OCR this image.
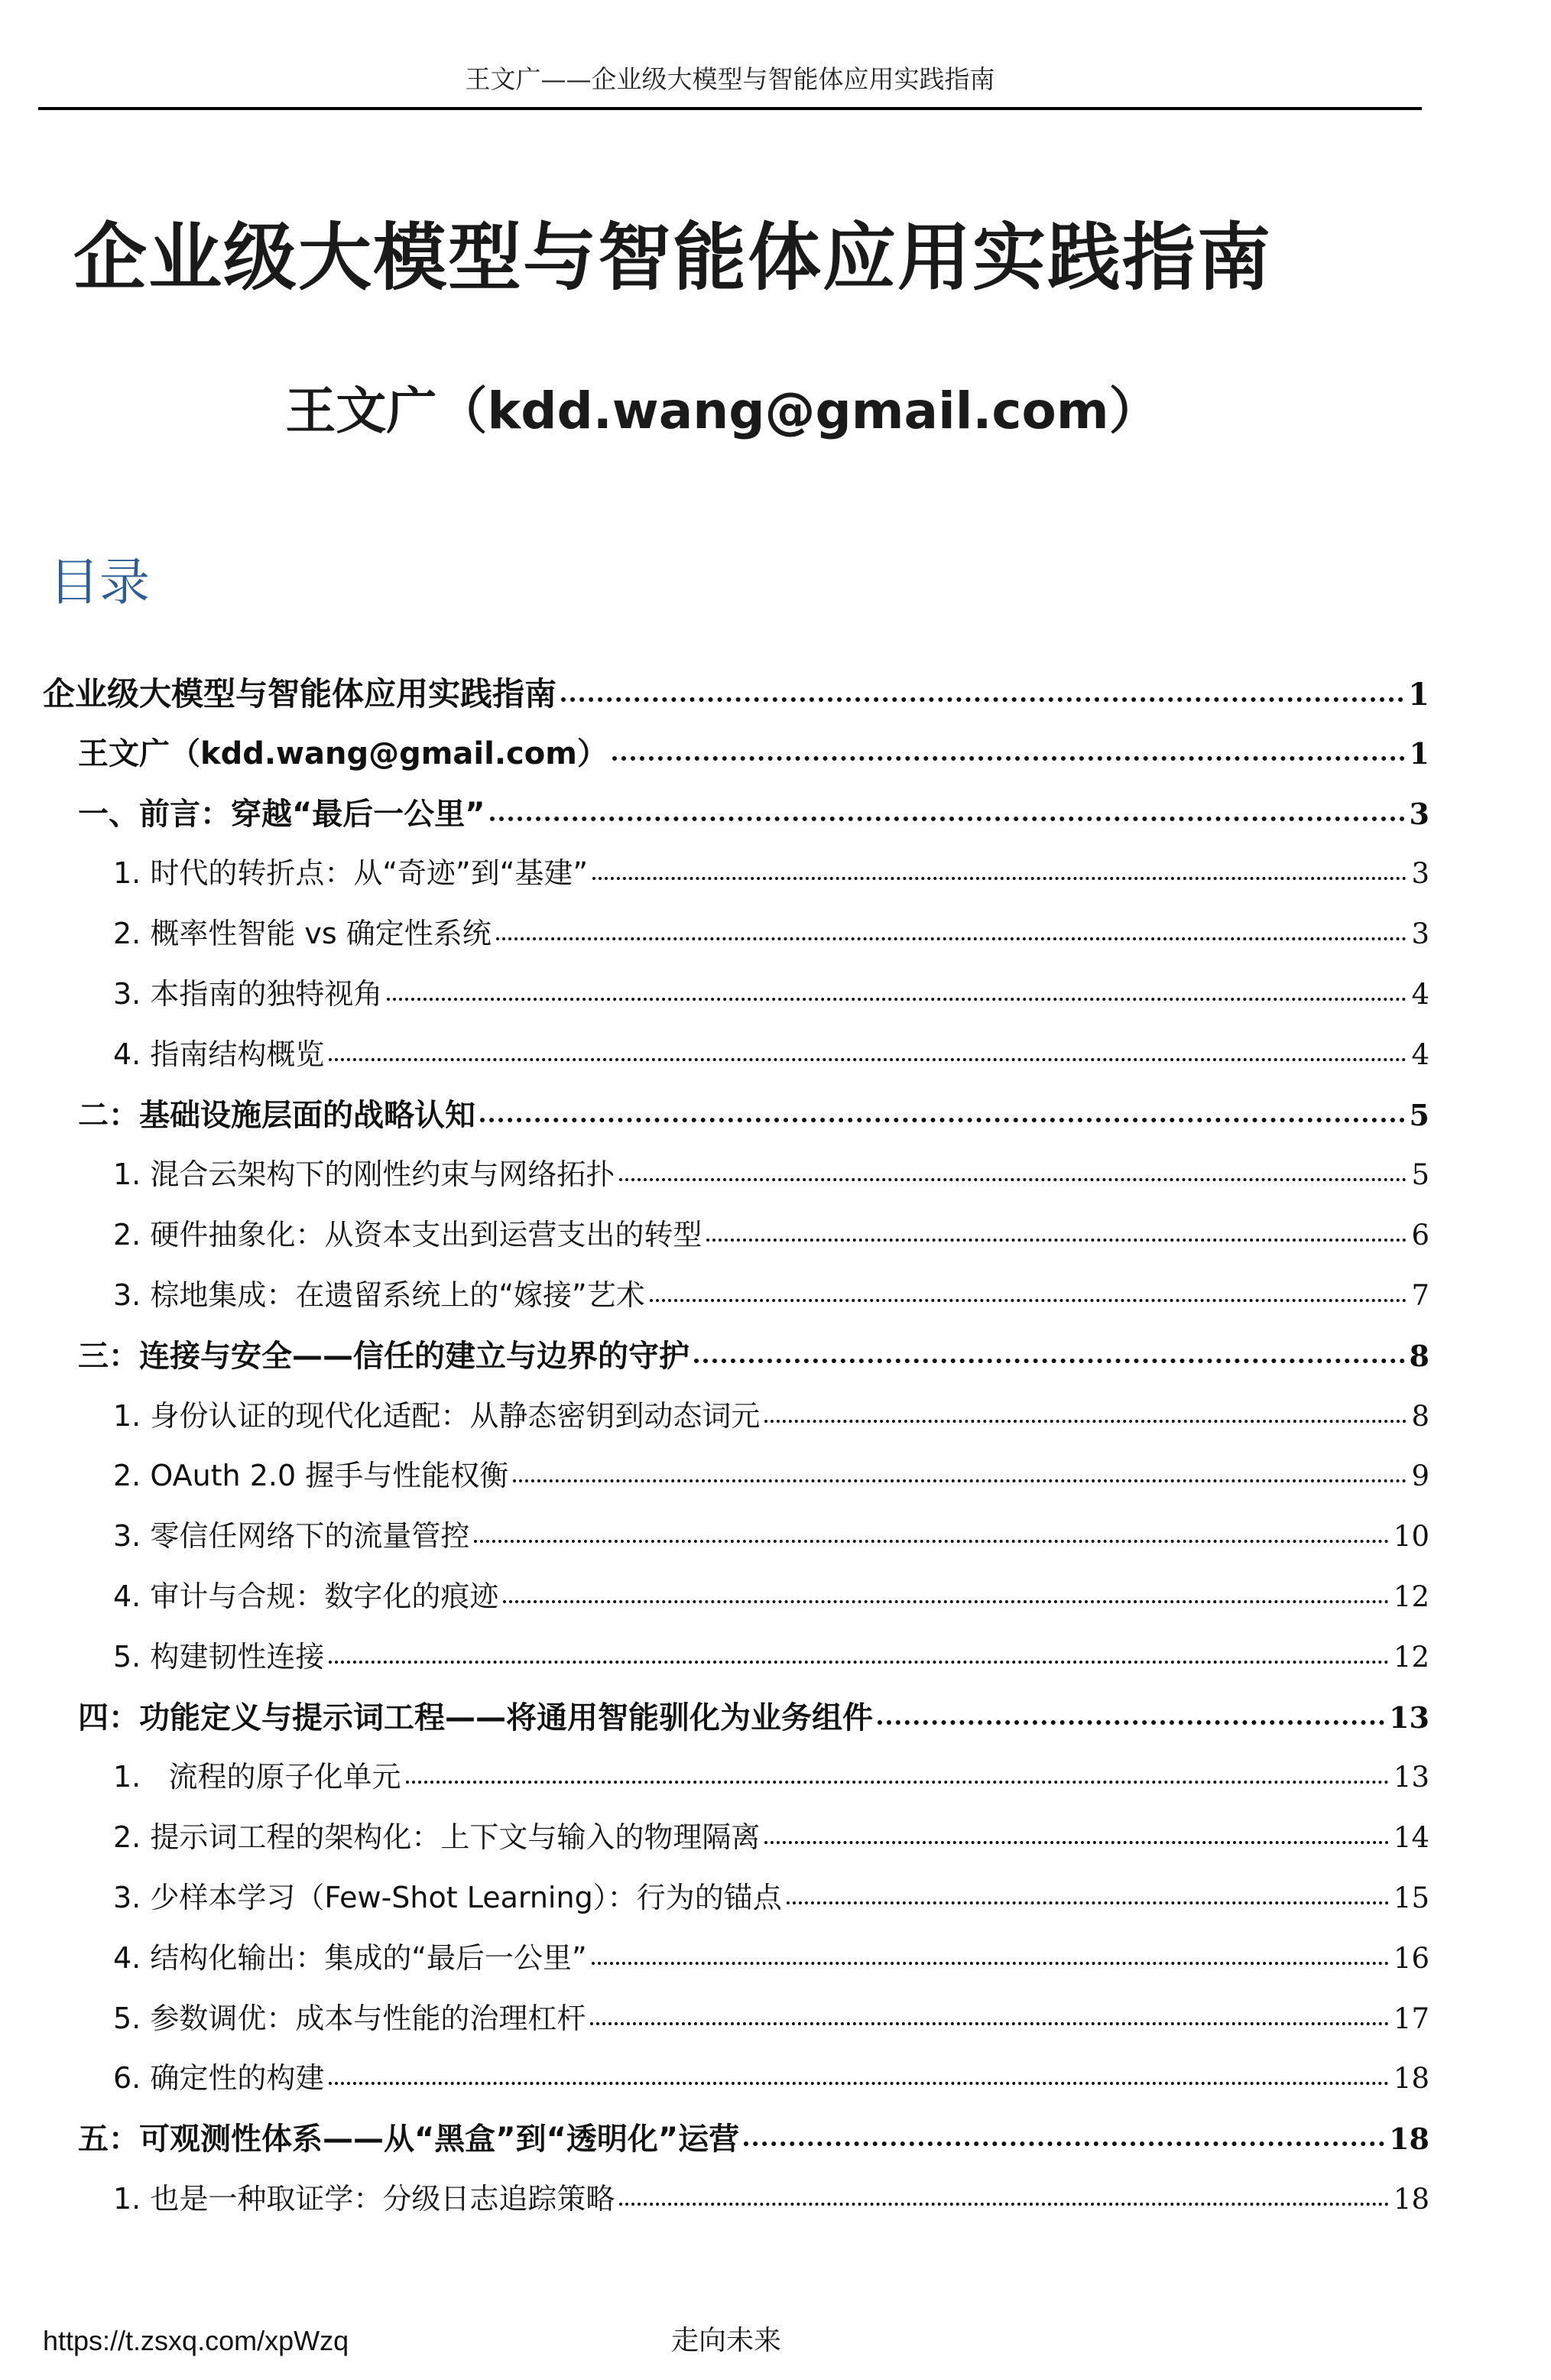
王文广——企业级大模型与智能体应用实践指南
企业级大模型与智能体应用实践指南
王文广（kdd.wang@gmail.com）
目录
企业级大模型与智能体应用实践指南	1
王文广（kdd.wang@gmail.com）	1
一、前言：穿越“最后一公里”	3
1. 时代的转折点：从“奇迹”到“基建”	3
2. 概率性智能 vs 确定性系统	3
3. 本指南的独特视角	4
4. 指南结构概览	4
二：基础设施层面的战略认知	5
1. 混合云架构下的刚性约束与网络拓扑	5
2. 硬件抽象化：从资本支出到运营支出的转型	6
3. 棕地集成：在遗留系统上的“嫁接”艺术	7
三：连接与安全——信任的建立与边界的守护	8
1. 身份认证的现代化适配：从静态密钥到动态词元	8
2. OAuth 2.0 握手与性能权衡	9
3. 零信任网络下的流量管控	10
4. 审计与合规：数字化的痕迹	12
5. 构建韧性连接	12
四：功能定义与提示词工程——将通用智能驯化为业务组件	13
1.   流程的原子化单元	13
2. 提示词工程的架构化：上下文与输入的物理隔离	14
3. 少样本学习（Few-Shot Learning）：行为的锚点	15
4. 结构化输出：集成的“最后一公里”	16
5. 参数调优：成本与性能的治理杠杆	17
6. 确定性的构建	18
五：可观测性体系——从“黑盒”到“透明化”运营	18
1. 也是一种取证学：分级日志追踪策略	18
https://t.zsxq.com/xpWzq	走向未来
